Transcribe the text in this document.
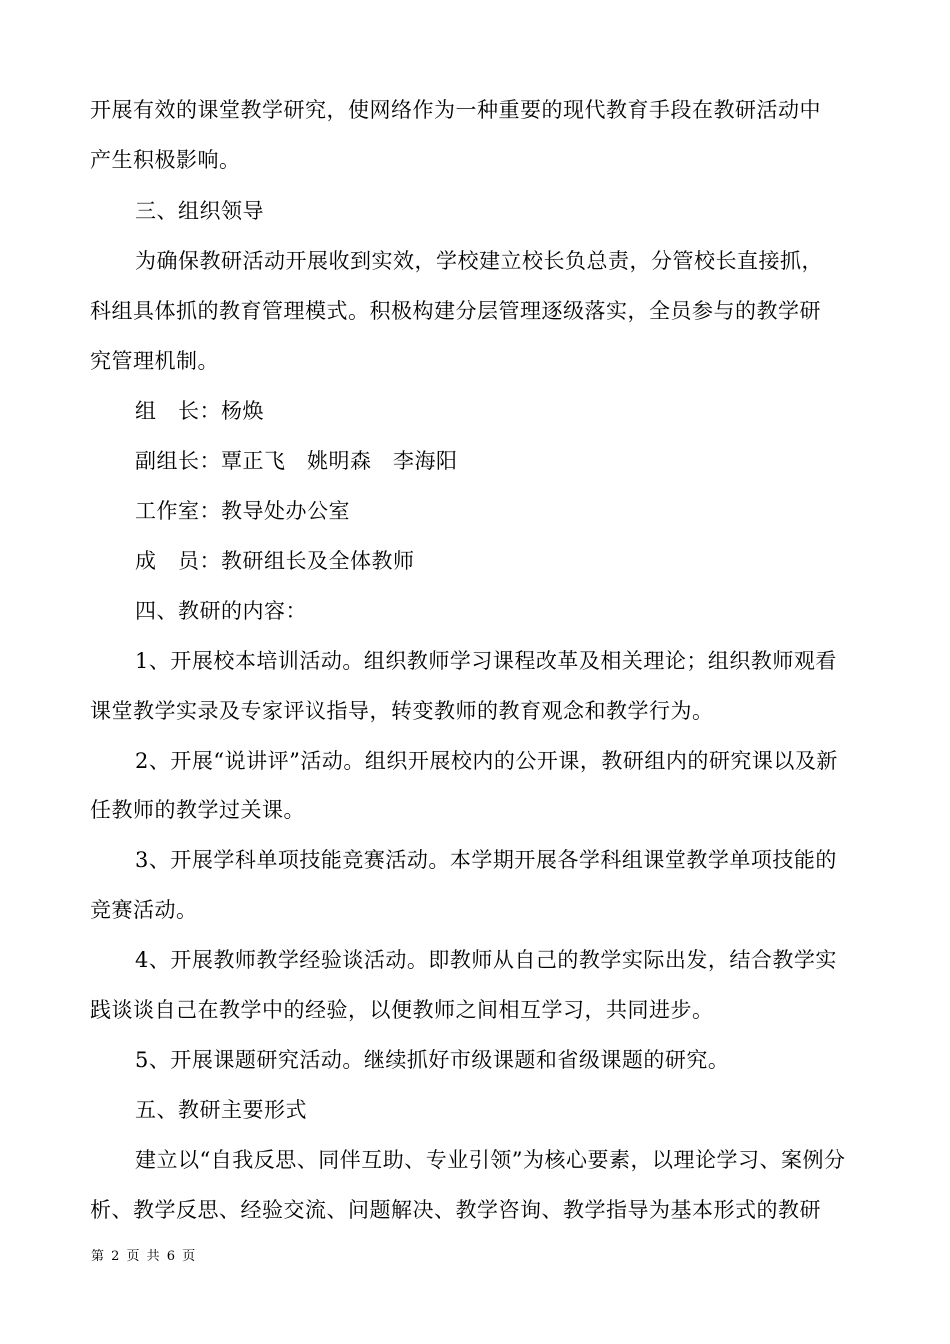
开展有效的课堂教学研究，使网络作为一种重要的现代教育手段在教研活动中
产生积极影响。
三、组织领导
为确保教研活动开展收到实效，学校建立校长负总责，分管校长直接抓，
科组具体抓的教育管理模式。积极构建分层管理逐级落实，全员参与的教学研
究管理机制。
组　长：杨焕
副组长：覃正飞　姚明森　李海阳
工作室：教导处办公室
成　员：教研组长及全体教师
四、教研的内容：
1、开展校本培训活动。组织教师学习课程改革及相关理论；组织教师观看
课堂教学实录及专家评议指导，转变教师的教育观念和教学行为。
2、开展“说讲评”活动。组织开展校内的公开课，教研组内的研究课以及新
任教师的教学过关课。
3、开展学科单项技能竞赛活动。本学期开展各学科组课堂教学单项技能的
竞赛活动。
4、开展教师教学经验谈活动。即教师从自己的教学实际出发，结合教学实
践谈谈自己在教学中的经验，以便教师之间相互学习，共同进步。
5、开展课题研究活动。继续抓好市级课题和省级课题的研究。
五、教研主要形式
建立以“自我反思、同伴互助、专业引领”为核心要素，以理论学习、案例分
析、教学反思、经验交流、问题解决、教学咨询、教学指导为基本形式的教研
第 2 页 共 6 页
